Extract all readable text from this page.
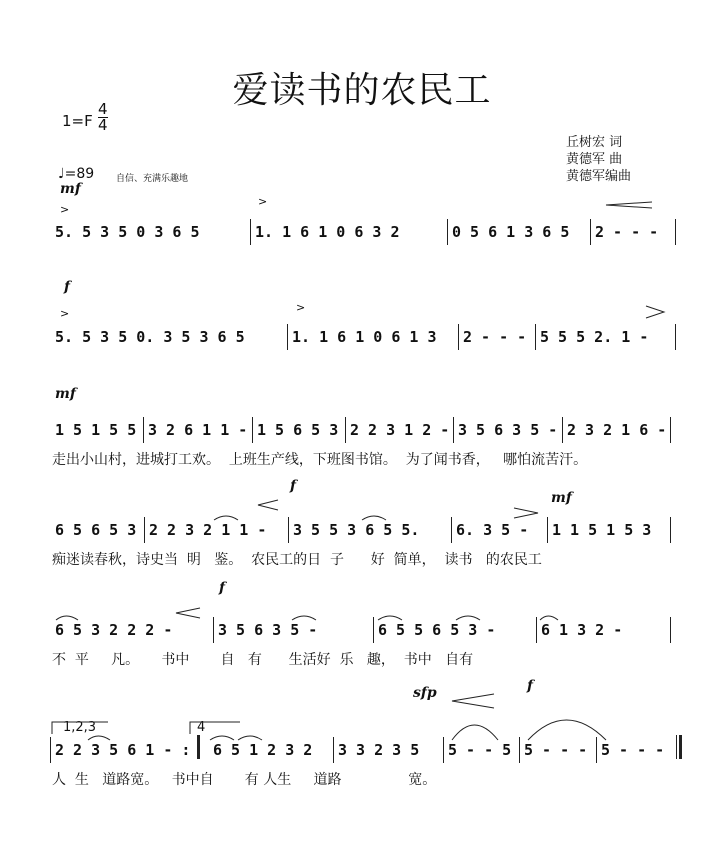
爱读书的农民工
1=F
4
4
丘树宏 词
黄德军 曲
黄德军编曲
♩=89 自信、充满乐趣地
mf
>
>
5. 5 3 5 0 3 6 5	1. 1 6 1 0 6 3 2	0 5 6 1 3 6 5 2 - - -
f
>	>
5. 5 3 5 0. 3 5 3 6 5	1. 1 6 1 0 6 1 3 2 - - - 5 5 5 2. 1 -
mf
1 5 1 5 5 3 2 6 1 1 - 1 5 6 5 3 2 2 3 1 2 - 3 5 6 3 5 - 2 3 2 1 6 -
走出小山村，进城打工欢。  上班生产线，下班图书馆。  为了闻书香，   哪怕流苦汗。
f
mf
6 5 6 5 3 2 2 3 2 1 1 - 3 5 5 3 6 5 5. 6. 3 5 - 1 1 5 1 5 3
痴迷读春秋，诗史当  明   鉴。  农民工的日  子      好  简单，  读书   的农民工
f
6 5 3 2 2 2 -	3 5 6 3 5 -	6 5 5 6 5 3 -	6 1 3 2 -
不  平     凡。     书中       自   有      生活好  乐   趣，  书中   自有
sfp	f
2 2 3 5 6 1 - : 6 5 1 2 3 2 3 3 2 3 5 5 - - 5 5 - - - 5 - - -
人  生   道路宽。   书中自       有 人生     道路               宽。
1,2,3	4
